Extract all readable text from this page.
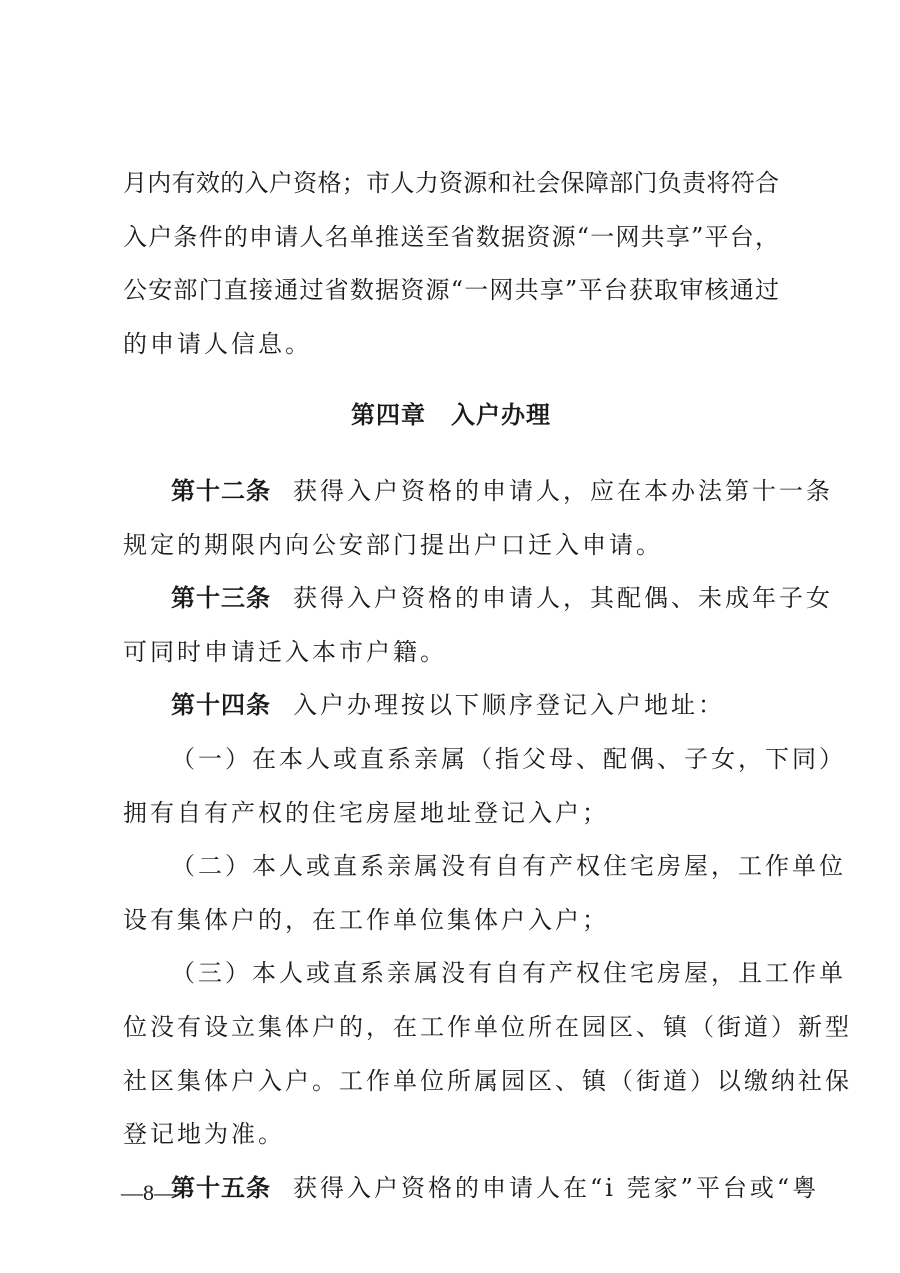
月内有效的入户资格；市人力资源和社会保障部门负责将符合
入户条件的申请人名单推送至省数据资源“一网共享”平台，
公安部门直接通过省数据资源“一网共享”平台获取审核通过
的申请人信息。
第四章　入户办理
第十二条 获得入户资格的申请人，应在本办法第十一条
规定的期限内向公安部门提出户口迁入申请。
第十三条 获得入户资格的申请人，其配偶、未成年子女
可同时申请迁入本市户籍。
第十四条 入户办理按以下顺序登记入户地址：
（一）在本人或直系亲属（指父母、配偶、子女，下同）
拥有自有产权的住宅房屋地址登记入户；
（二）本人或直系亲属没有自有产权住宅房屋，工作单位
设有集体户的，在工作单位集体户入户；
（三）本人或直系亲属没有自有产权住宅房屋，且工作单
位没有设立集体户的，在工作单位所在园区、镇（街道）新型
社区集体户入户。工作单位所属园区、镇（街道）以缴纳社保
登记地为准。
第十五条 获得入户资格的申请人在“i 莞家”平台或“粤
—8—
